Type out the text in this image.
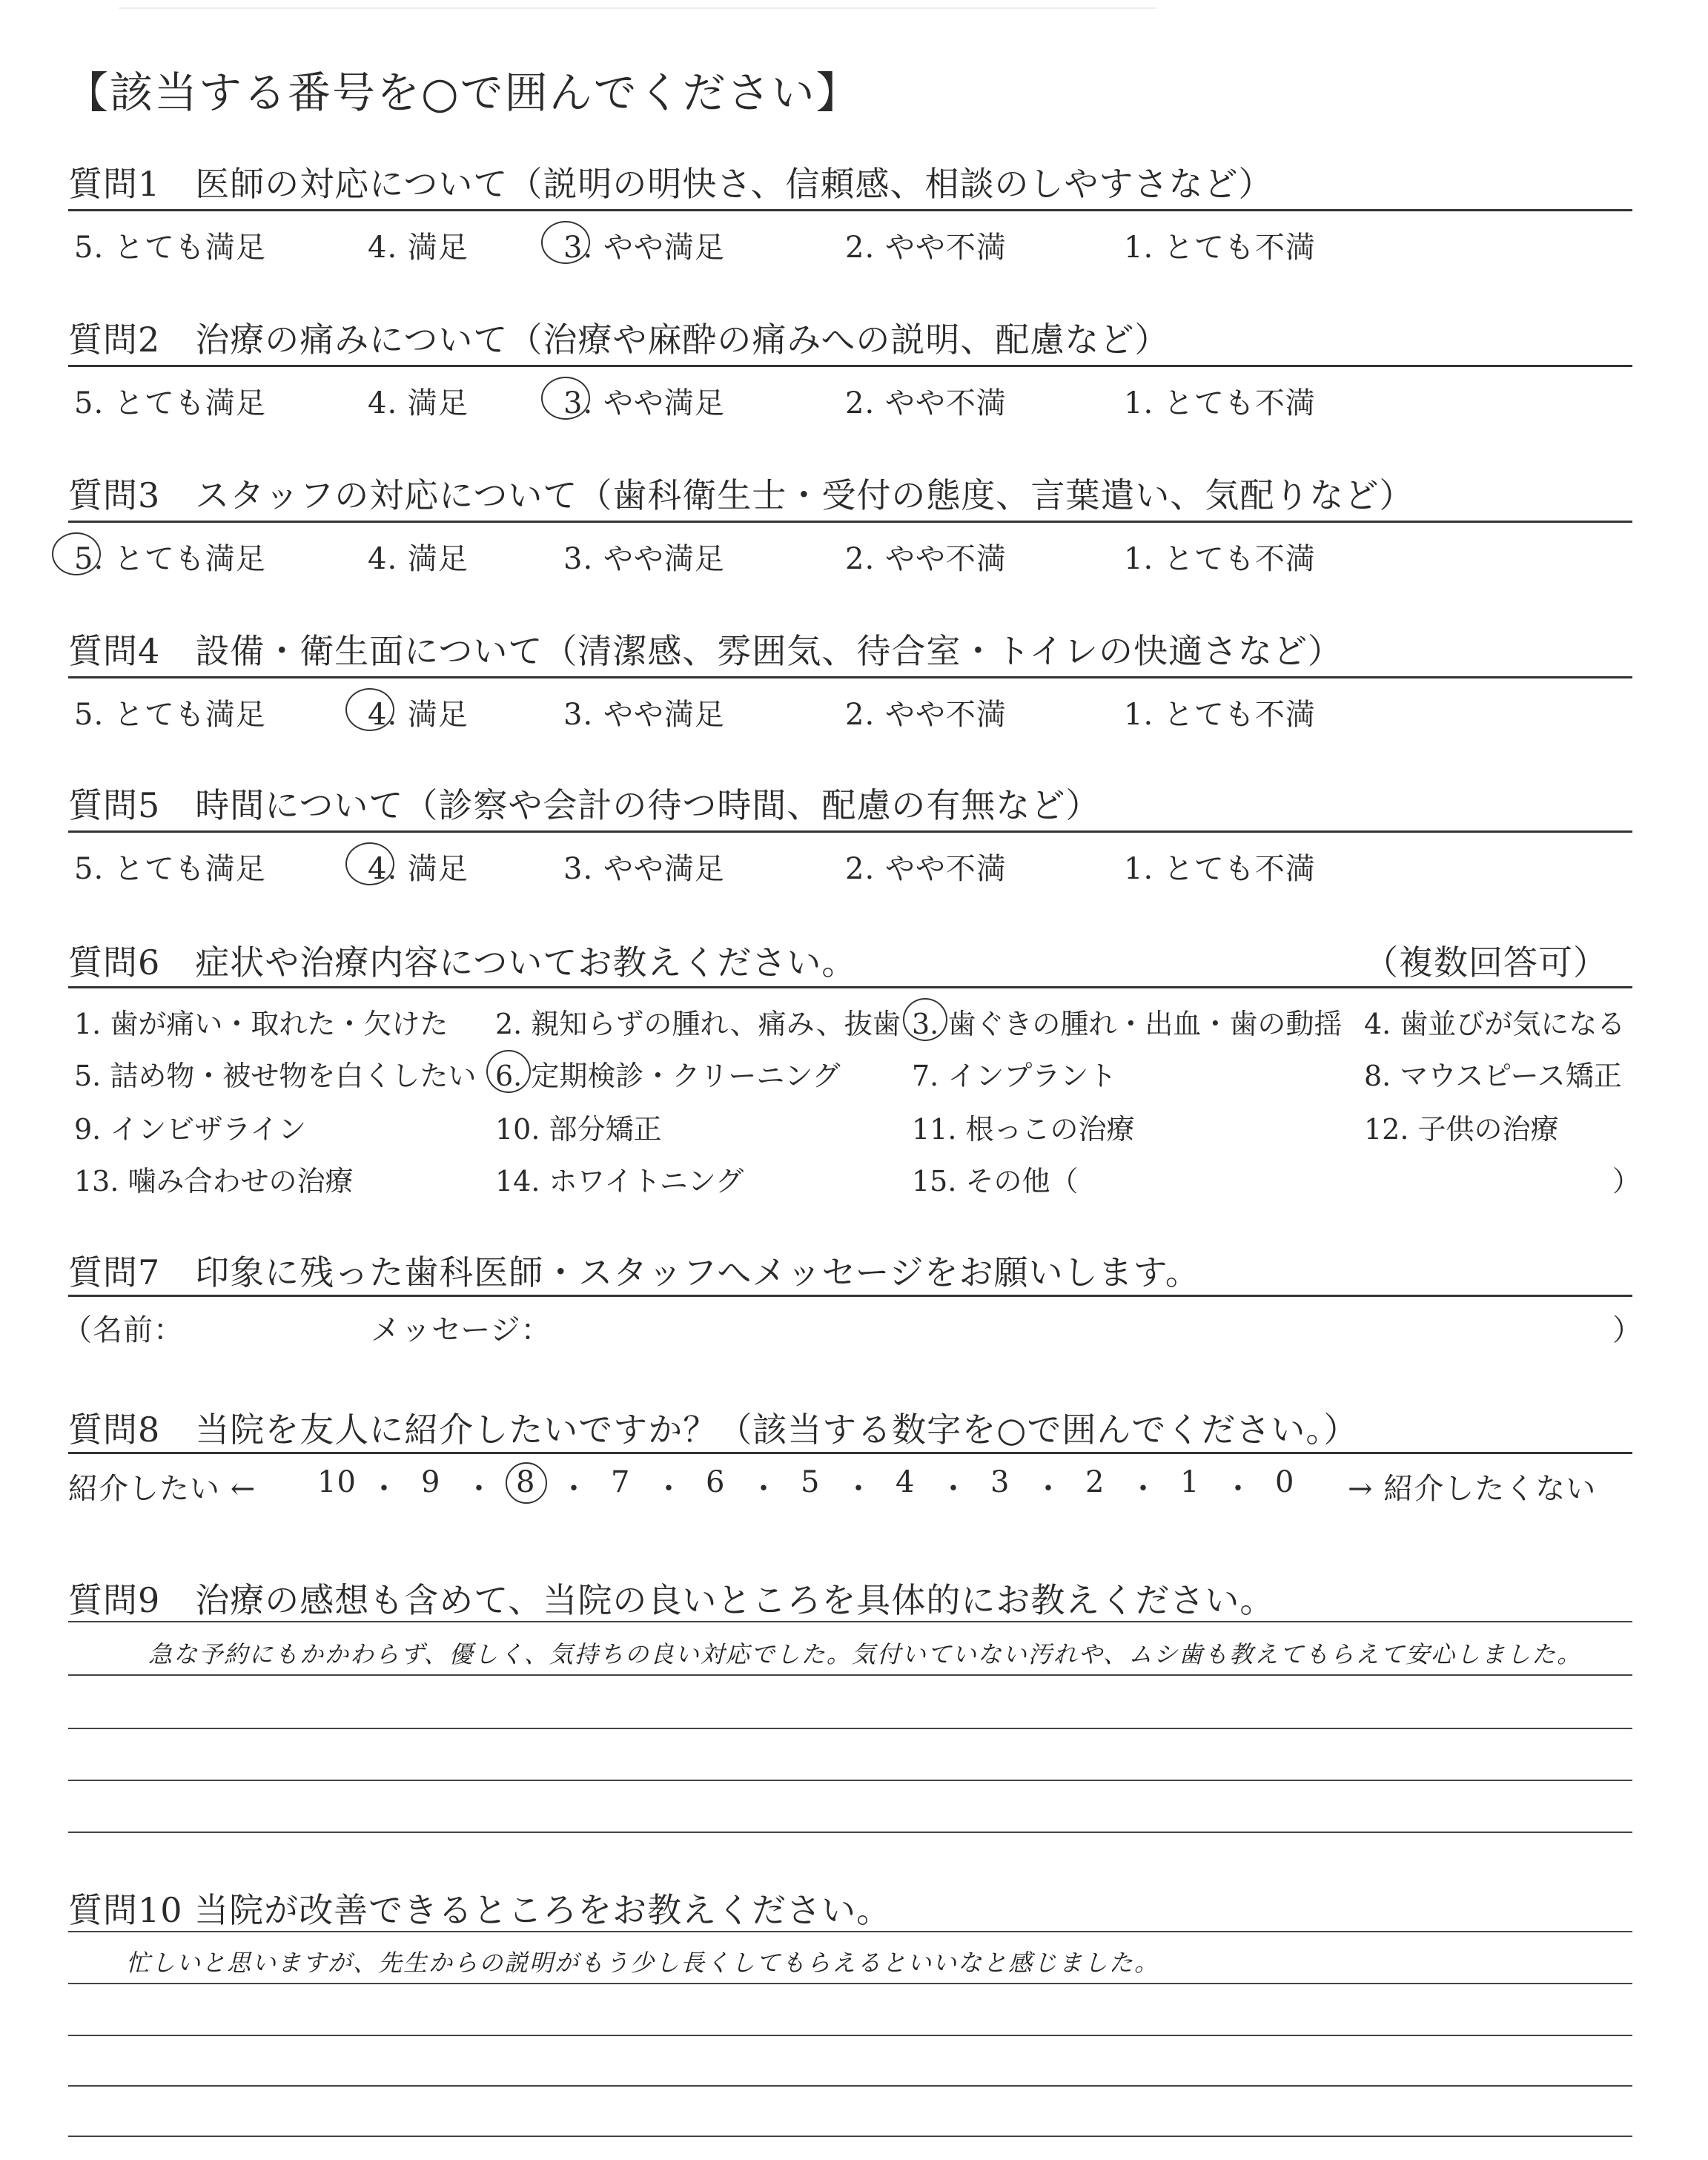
【該当する番号を○で囲んでください】
質問1　医師の対応について（説明の明快さ、信頼感、相談のしやすさなど）
5. とても満足	4. 満足	3. やや満足	2. やや不満	1. とても不満
質問2　治療の痛みについて（治療や麻酔の痛みへの説明、配慮など）
5. とても満足	4. 満足	3. やや満足	2. やや不満	1. とても不満
質問3　スタッフの対応について（歯科衛生士・受付の態度、言葉遣い、気配りなど）
5. とても満足	4. 満足	3. やや満足	2. やや不満	1. とても不満
質問4　設備・衛生面について（清潔感、雰囲気、待合室・トイレの快適さなど）
5. とても満足	4. 満足	3. やや満足	2. やや不満	1. とても不満
質問5　時間について（診察や会計の待つ時間、配慮の有無など）
5. とても満足	4. 満足	3. やや満足	2. やや不満	1. とても不満
質問6　症状や治療内容についてお教えください。	（複数回答可）
1. 歯が痛い・取れた・欠けた 2. 親知らずの腫れ、痛み、抜歯 3. 歯ぐきの腫れ・出血・歯の動揺 4. 歯並びが気になる
5. 詰め物・被せ物を白くしたい 6. 定期検診・クリーニング	7. インプラント	8. マウスピース矯正
9. インビザライン	10. 部分矯正	11. 根っこの治療	12. 子供の治療
13. 噛み合わせの治療	14. ホワイトニング	15. その他（	）
質問7　印象に残った歯科医師・スタッフへメッセージをお願いします。
（名前：	メッセージ：	）
質問8　当院を友人に紹介したいですか？（該当する数字を○で囲んでください。）
紹介したい ← 10 ・ 9 ・ 8 ・ 7 ・ 6 ・ 5 ・ 4 ・ 3 ・ 2 ・ 1 ・ 0 → 紹介したくない
質問9　治療の感想も含めて、当院の良いところを具体的にお教えください。
急な予約にもかかわらず、優しく、気持ちの良い対応でした。気付いていない汚れや、ムシ歯も教えてもらえて安心しました。
質問10 当院が改善できるところをお教えください。
忙しいと思いますが、先生からの説明がもう少し長くしてもらえるといいなと感じました。
